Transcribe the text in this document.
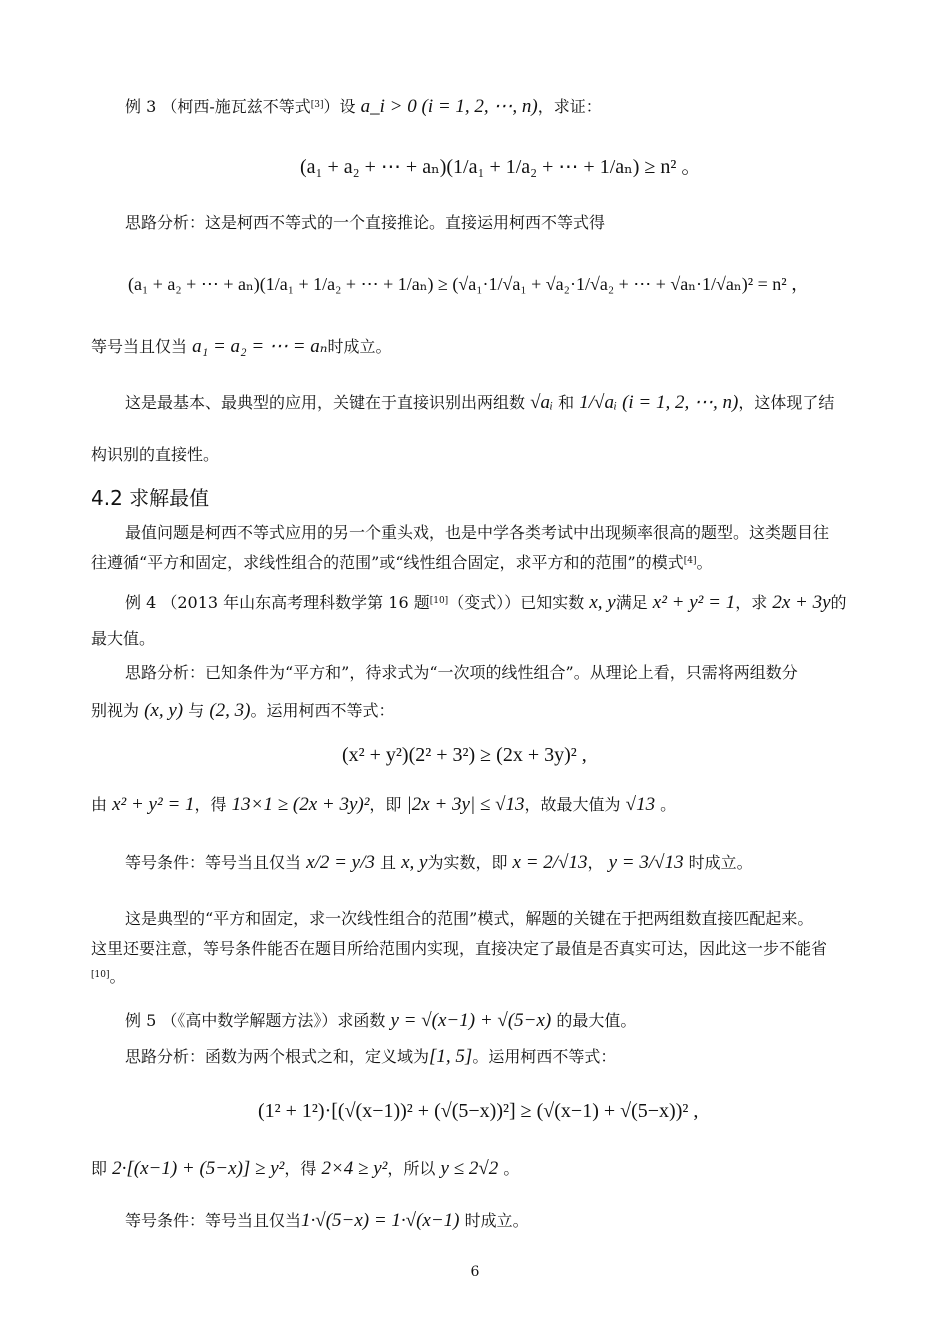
例 3 （柯西-施瓦兹不等式[3]）设 a_i > 0 (i = 1, 2, ⋯, n)，求证：
(a₁ + a₂ + ⋯ + aₙ)(1/a₁ + 1/a₂ + ⋯ + 1/aₙ) ≥ n² 。
思路分析：这是柯西不等式的一个直接推论。直接运用柯西不等式得
(a₁ + a₂ + ⋯ + aₙ)(1/a₁ + 1/a₂ + ⋯ + 1/aₙ) ≥ (√a₁·1/√a₁ + √a₂·1/√a₂ + ⋯ + √aₙ·1/√aₙ)² = n² ，
等号当且仅当 a₁ = a₂ = ⋯ = aₙ时成立。
这是最基本、最典型的应用，关键在于直接识别出两组数 √aᵢ 和 1/√aᵢ (i = 1, 2, ⋯, n)，这体现了结
构识别的直接性。
4.2 求解最值
最值问题是柯西不等式应用的另一个重头戏，也是中学各类考试中出现频率很高的题型。这类题目往
往遵循“平方和固定，求线性组合的范围”或“线性组合固定，求平方和的范围”的模式[4]。
例 4 （2013 年山东高考理科数学第 16 题[10]（变式））已知实数 x, y满足 x² + y² = 1，求 2x + 3y的
最大值。
思路分析：已知条件为“平方和”，待求式为“一次项的线性组合”。从理论上看，只需将两组数分
别视为 (x, y) 与 (2, 3)。运用柯西不等式：
(x² + y²)(2² + 3²) ≥ (2x + 3y)² ,
由 x² + y² = 1，得 13×1 ≥ (2x + 3y)²，即 |2x + 3y| ≤ √13，故最大值为 √13 。
等号条件：等号当且仅当 x/2 = y/3 且 x, y为实数，即 x = 2/√13， y = 3/√13 时成立。
这是典型的“平方和固定，求一次线性组合的范围”模式，解题的关键在于把两组数直接匹配起来。
这里还要注意，等号条件能否在题目所给范围内实现，直接决定了最值是否真实可达，因此这一步不能省
[10]。
例 5 （《高中数学解题方法》）求函数 y = √(x−1) + √(5−x) 的最大值。
思路分析：函数为两个根式之和，定义域为[1, 5]。运用柯西不等式：
(1² + 1²)·[(√(x−1))² + (√(5−x))²] ≥ (√(x−1) + √(5−x))² ,
即 2·[(x−1) + (5−x)] ≥ y²，得 2×4 ≥ y²，所以 y ≤ 2√2 。
等号条件：等号当且仅当1·√(5−x) = 1·√(x−1) 时成立。
6
